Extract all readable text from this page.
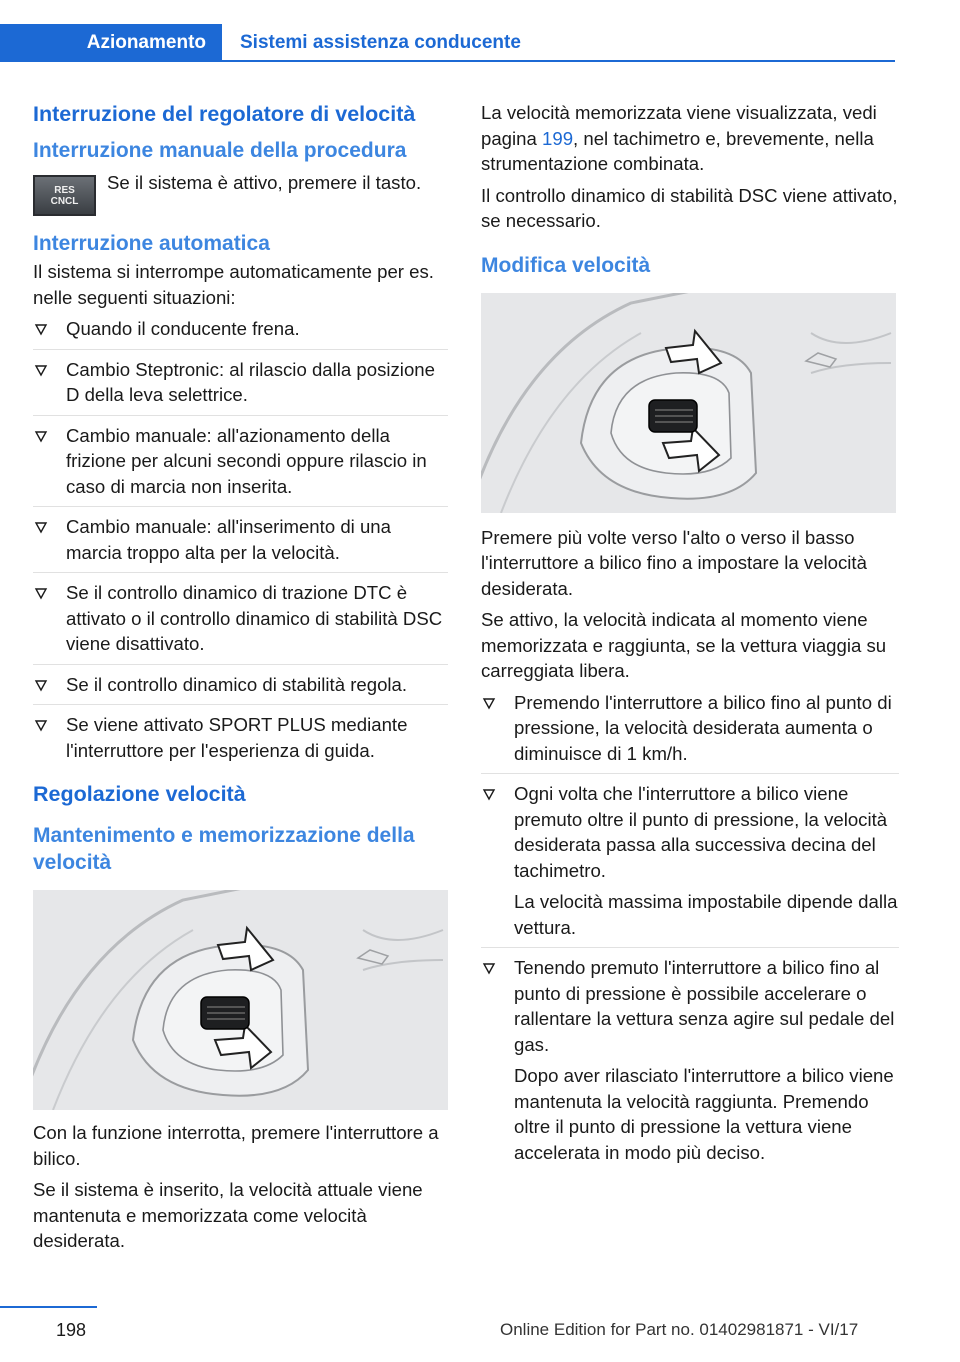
Azionamento	Sistemi assistenza conducente
Interruzione del regolatore di velocità
Interruzione manuale della procedura
RES
CNCL

Se il sistema è attivo, premere il tasto.

Interruzione automatica

Il sistema si interrompe automaticamente per es. nelle seguenti situazioni:

Quando il conducente frena.
Cambio Steptronic: al rilascio dalla posizione D della leva selettrice.
Cambio manuale: all'azionamento della frizione per alcuni secondi oppure rilascio in caso di marcia non inserita.
Cambio manuale: all'inserimento di una marcia troppo alta per la velocità.
Se il controllo dinamico di trazione DTC è attivato o il controllo dinamico di stabilità DSC viene disattivato.
Se il controllo dinamico di stabilità regola.
Se viene attivato SPORT PLUS mediante l'interruttore per l'esperienza di guida.
Regolazione velocità
Mantenimento e memorizzazione della velocità

Con la funzione interrotta, premere l'interruttore a bilico.

Se il sistema è inserito, la velocità attuale viene mantenuta e memorizzata come velocità desiderata.

La velocità memorizzata viene visualizzata, vedi pagina 199, nel tachimetro e, brevemente, nella strumentazione combinata.

Il controllo dinamico di stabilità DSC viene attivato, se necessario.

Modifica velocità

Premere più volte verso l'alto o verso il basso l'interruttore a bilico fino a impostare la velocità desiderata.

Se attivo, la velocità indicata al momento viene memorizzata e raggiunta, se la vettura viaggia su carreggiata libera.

Premendo l'interruttore a bilico fino al punto di pressione, la velocità desiderata aumenta o diminuisce di 1 km/h.

Ogni volta che l'interruttore a bilico viene premuto oltre il punto di pressione, la velocità desiderata passa alla successiva decina del tachimetro.

La velocità massima impostabile dipende dalla vettura.

Tenendo premuto l'interruttore a bilico fino al punto di pressione è possibile accelerare o rallentare la vettura senza agire sul pedale del gas.

Dopo aver rilasciato l'interruttore a bilico viene mantenuta la velocità raggiunta. Premendo oltre il punto di pressione la vettura viene accelerata in modo più deciso.

198	Online Edition for Part no. 01402981871 - VI/17
